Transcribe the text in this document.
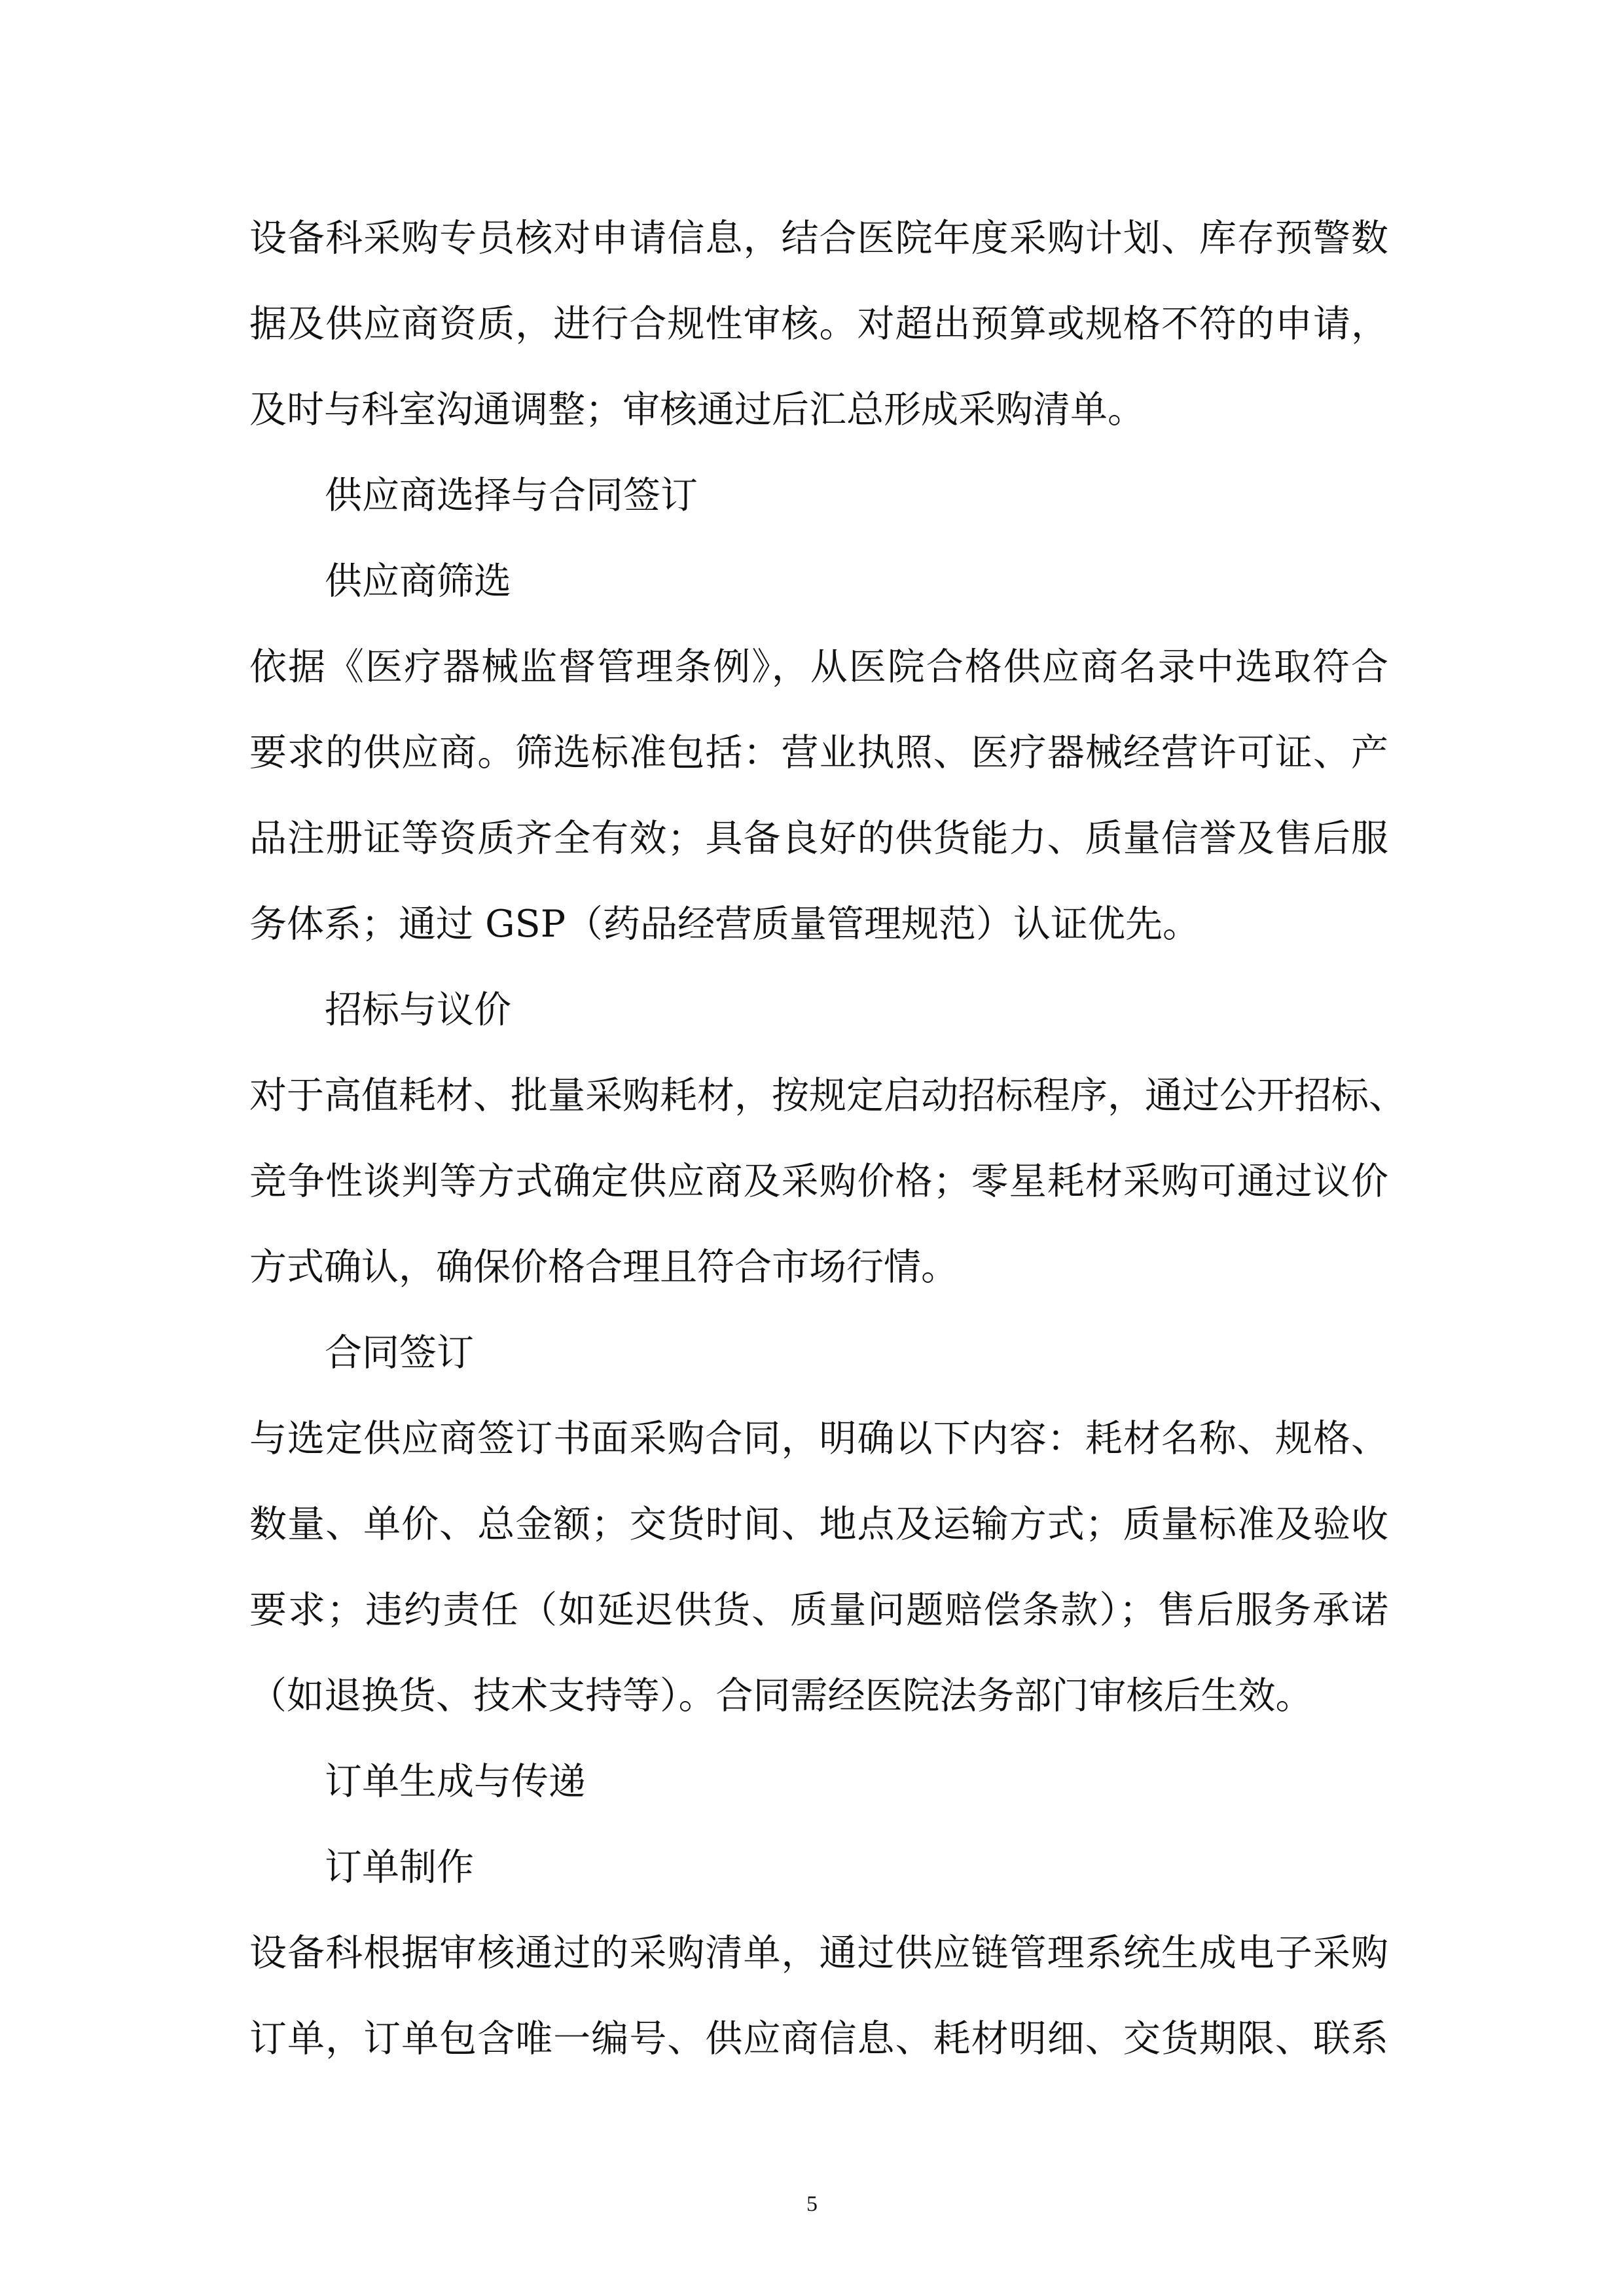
设备科采购专员核对申请信息，结合医院年度采购计划、库存预警数
据及供应商资质，进行合规性审核。对超出预算或规格不符的申请，
及时与科室沟通调整；审核通过后汇总形成采购清单。
供应商选择与合同签订
供应商筛选
依据《医疗器械监督管理条例》，从医院合格供应商名录中选取符合
要求的供应商。筛选标准包括：营业执照、医疗器械经营许可证、产
品注册证等资质齐全有效；具备良好的供货能力、质量信誉及售后服
务体系；通过 GSP（药品经营质量管理规范）认证优先。
招标与议价
对于高值耗材、批量采购耗材，按规定启动招标程序，通过公开招标、
竞争性谈判等方式确定供应商及采购价格；零星耗材采购可通过议价
方式确认，确保价格合理且符合市场行情。
合同签订
与选定供应商签订书面采购合同，明确以下内容：耗材名称、规格、
数量、单价、总金额；交货时间、地点及运输方式；质量标准及验收
要求；违约责任（如延迟供货、质量问题赔偿条款）；售后服务承诺
（如退换货、技术支持等）。合同需经医院法务部门审核后生效。
订单生成与传递
订单制作
设备科根据审核通过的采购清单，通过供应链管理系统生成电子采购
订单，订单包含唯一编号、供应商信息、耗材明细、交货期限、联系
5
